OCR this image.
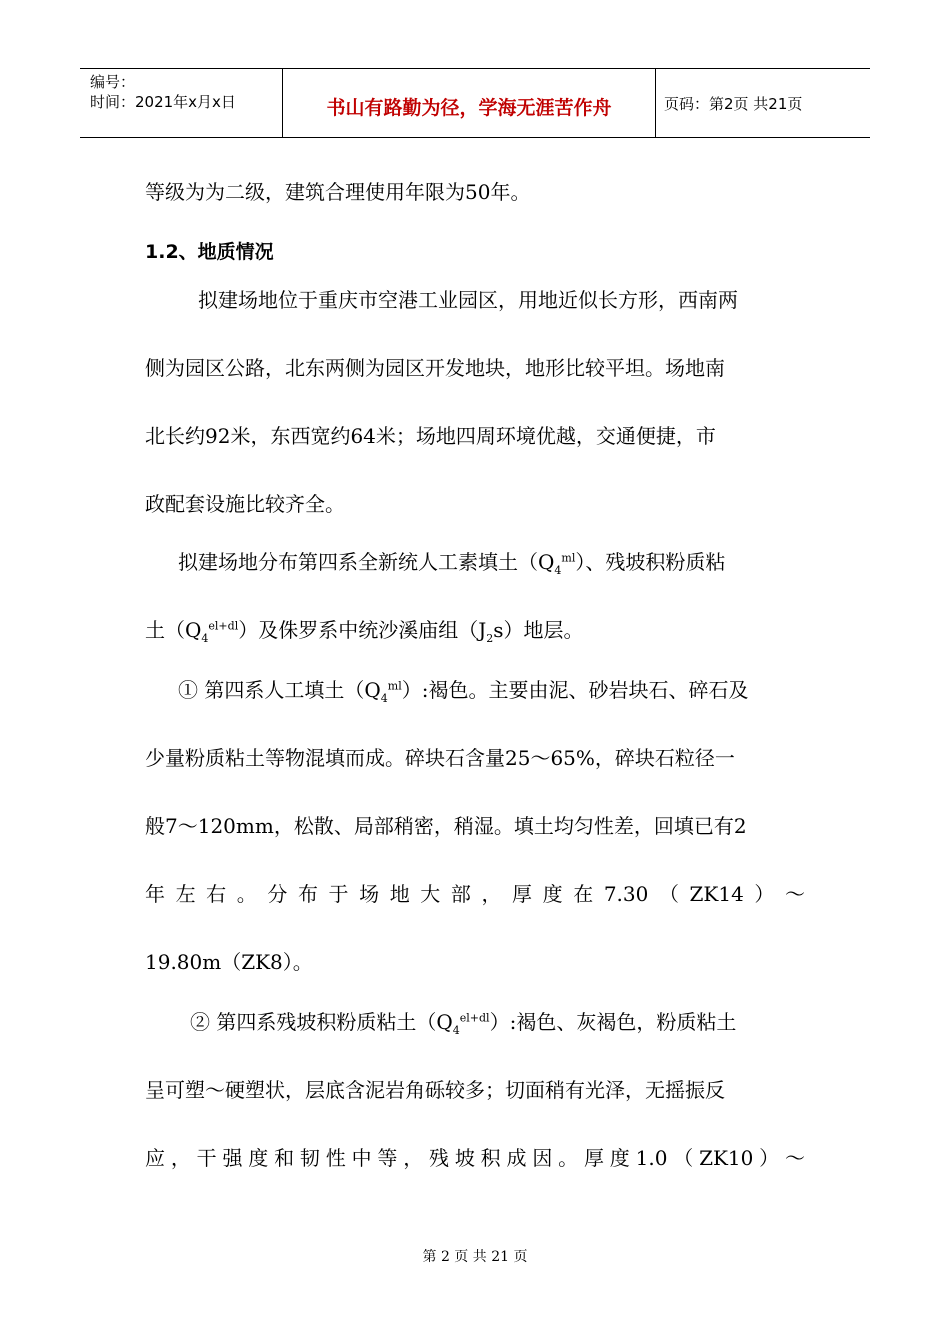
编号：
时间：2021年x月x日	书山有路勤为径，学海无涯苦作舟	页码：第2页 共21页
等级为为二级，建筑合理使用年限为50年。
1.2、地质情况
拟建场地位于重庆市空港工业园区，用地近似长方形，西南两
侧为园区公路，北东两侧为园区开发地块，地形比较平坦。场地南
北长约92米，东西宽约64米；场地四周环境优越，交通便捷，市
政配套设施比较齐全。
拟建场地分布第四系全新统人工素填土$(Q_4^{ml})$、残坡积粉质粘
土$(Q_4^{el+dl})$及侏罗系中统沙溪庙组$(J_2s)$地层。
① 第四系人工填土$(Q_4^{ml})$:褐色。主要由泥、砂岩块石、碎石及
少量粉质粘土等物混填而成。碎块石含量25～65%，碎块石粒径一
般7～120mm，松散、局部稍密，稍湿。填土均匀性差，回填已有2
年左右。分布于场地大部，厚度在7.30（ZK14）～
19.80m（ZK8）。
② 第四系残坡积粉质粘土$(Q_4^{el+dl})$:褐色、灰褐色，粉质粘土
呈可塑～硬塑状，层底含泥岩角砾较多；切面稍有光泽，无摇振反
应，干强度和韧性中等，残坡积成因。厚度1.0（ZK10）～
第 2 页 共 21 页
